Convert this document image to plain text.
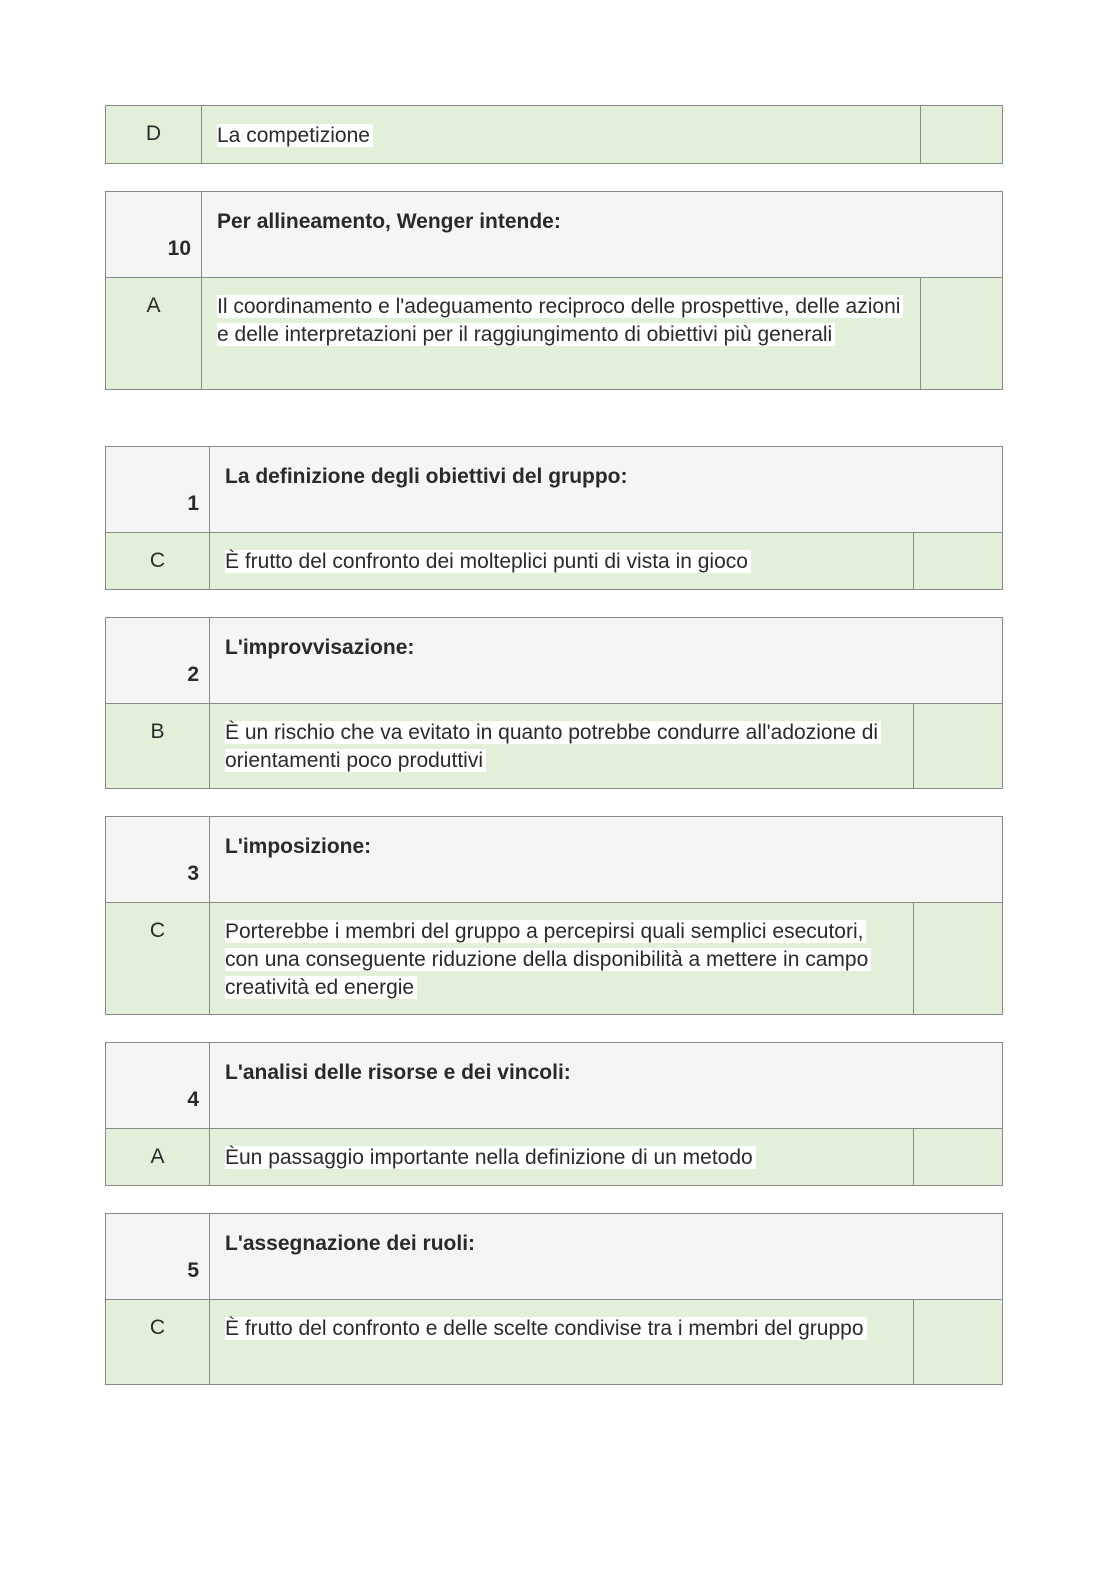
D	La competizione
10
Per allineamento, Wenger intende:
A	Il coordinamento e l'adeguamento reciproco delle prospettive, delle azioni e delle interpretazioni per il raggiungimento di obiettivi più generali
1
La definizione degli obiettivi del gruppo:
C	È frutto del confronto dei molteplici punti di vista in gioco
2
L'improvvisazione:
B	È un rischio che va evitato in quanto potrebbe condurre all'adozione di orientamenti poco produttivi
3
L'imposizione:
C	Porterebbe i membri del gruppo a percepirsi quali semplici esecutori, con una conseguente riduzione della disponibilità a mettere in campo creatività ed energie
4
L'analisi delle risorse e dei vincoli:
A	Èun passaggio importante nella definizione di un metodo
5
L'assegnazione dei ruoli:
C	È frutto del confronto e delle scelte condivise tra i membri del gruppo
